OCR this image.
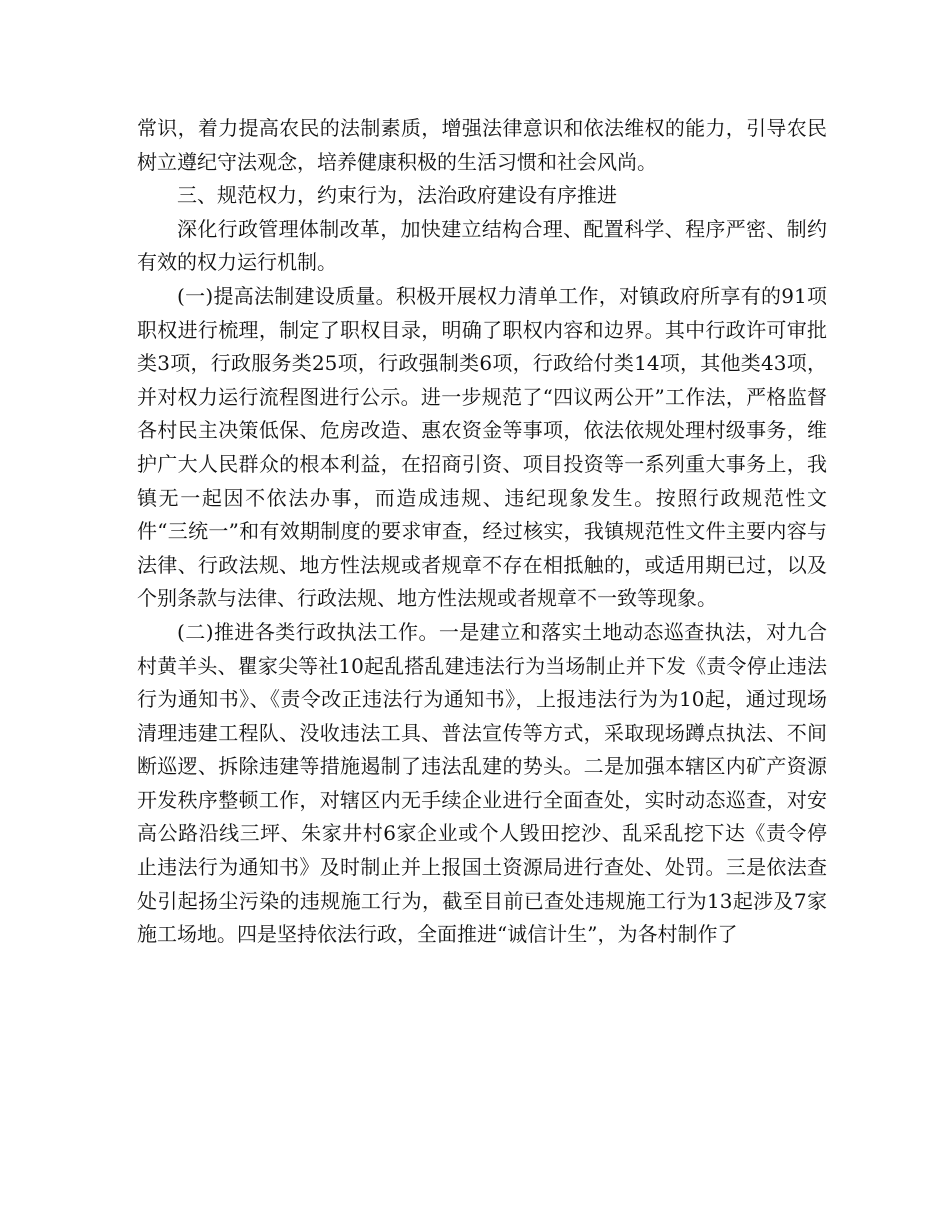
常识，着力提高农民的法制素质，增强法律意识和依法维权的能力，引导农民树立遵纪守法观念，培养健康积极的生活习惯和社会风尚。

三、规范权力，约束行为，法治政府建设有序推进

深化行政管理体制改革，加快建立结构合理、配置科学、程序严密、制约有效的权力运行机制。

(一)提高法制建设质量。积极开展权力清单工作，对镇政府所享有的91项职权进行梳理，制定了职权目录，明确了职权内容和边界。其中行政许可审批类3项，行政服务类25项，行政强制类6项，行政给付类14项，其他类43项，并对权力运行流程图进行公示。进一步规范了“四议两公开”工作法，严格监督各村民主决策低保、危房改造、惠农资金等事项，依法依规处理村级事务，维护广大人民群众的根本利益，在招商引资、项目投资等一系列重大事务上，我镇无一起因不依法办事，而造成违规、违纪现象发生。按照行政规范性文件“三统一”和有效期制度的要求审查，经过核实，我镇规范性文件主要内容与法律、行政法规、地方性法规或者规章不存在相抵触的，或适用期已过，以及个别条款与法律、行政法规、地方性法规或者规章不一致等现象。

(二)推进各类行政执法工作。一是建立和落实土地动态巡查执法，对九合村黄羊头、瞿家尖等社10起乱搭乱建违法行为当场制止并下发《责令停止违法行为通知书》、《责令改正违法行为通知书》，上报违法行为为10起，通过现场清理违建工程队、没收违法工具、普法宣传等方式，采取现场蹲点执法、不间断巡逻、拆除违建等措施遏制了违法乱建的势头。二是加强本辖区内矿产资源开发秩序整顿工作，对辖区内无手续企业进行全面查处，实时动态巡查，对安高公路沿线三坪、朱家井村6家企业或个人毁田挖沙、乱采乱挖下达《责令停止违法行为通知书》及时制止并上报国土资源局进行查处、处罚。三是依法查处引起扬尘污染的违规施工行为，截至目前已查处违规施工行为13起涉及7家施工场地。四是坚持依法行政，全面推进“诚信计生”，为各村制作了
